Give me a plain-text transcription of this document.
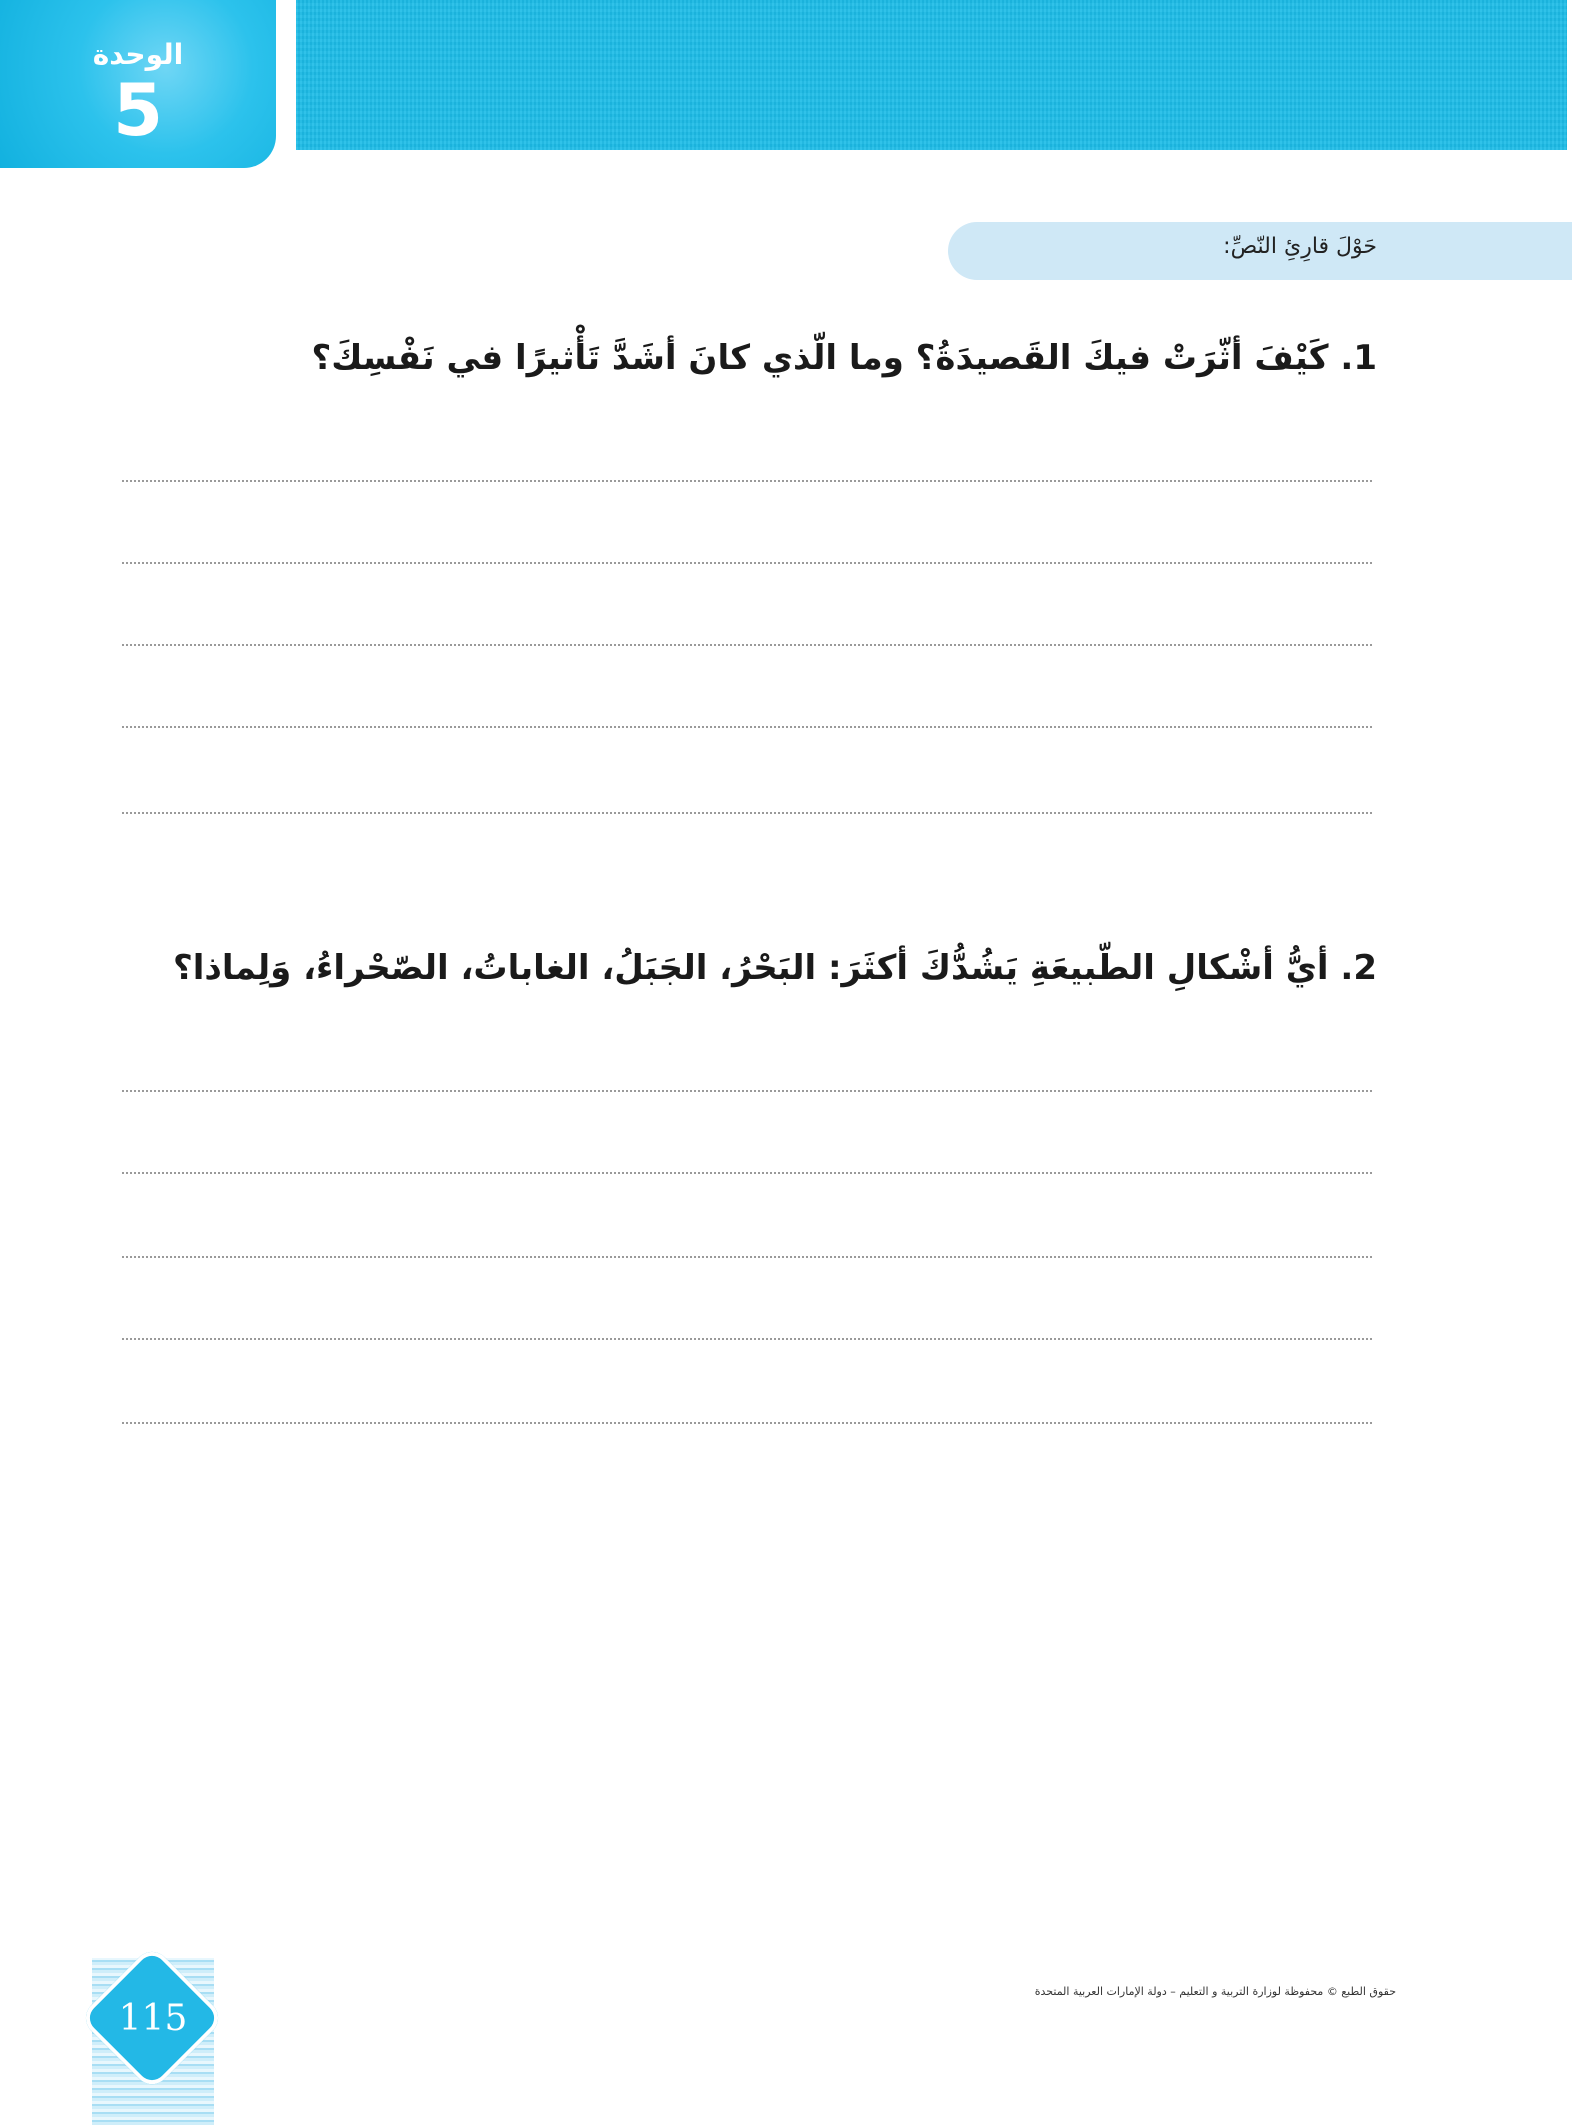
الوحدة
5
حَوْلَ قارِئِ النّصِّ:
1. كَيْفَ أثّرَتْ فيكَ القَصيدَةُ؟ وما الّذي كانَ أشَدَّ تَأْثيرًا في نَفْسِكَ؟
2. أيُّ أشْكالِ الطّبيعَةِ يَشُدُّكَ أكثَرَ: البَحْرُ، الجَبَلُ، الغاباتُ، الصّحْراءُ، وَلِماذا؟
115
حقوق الطبع © محفوظة لوزارة التربية و التعليم – دولة الإمارات العربية المتحدة
